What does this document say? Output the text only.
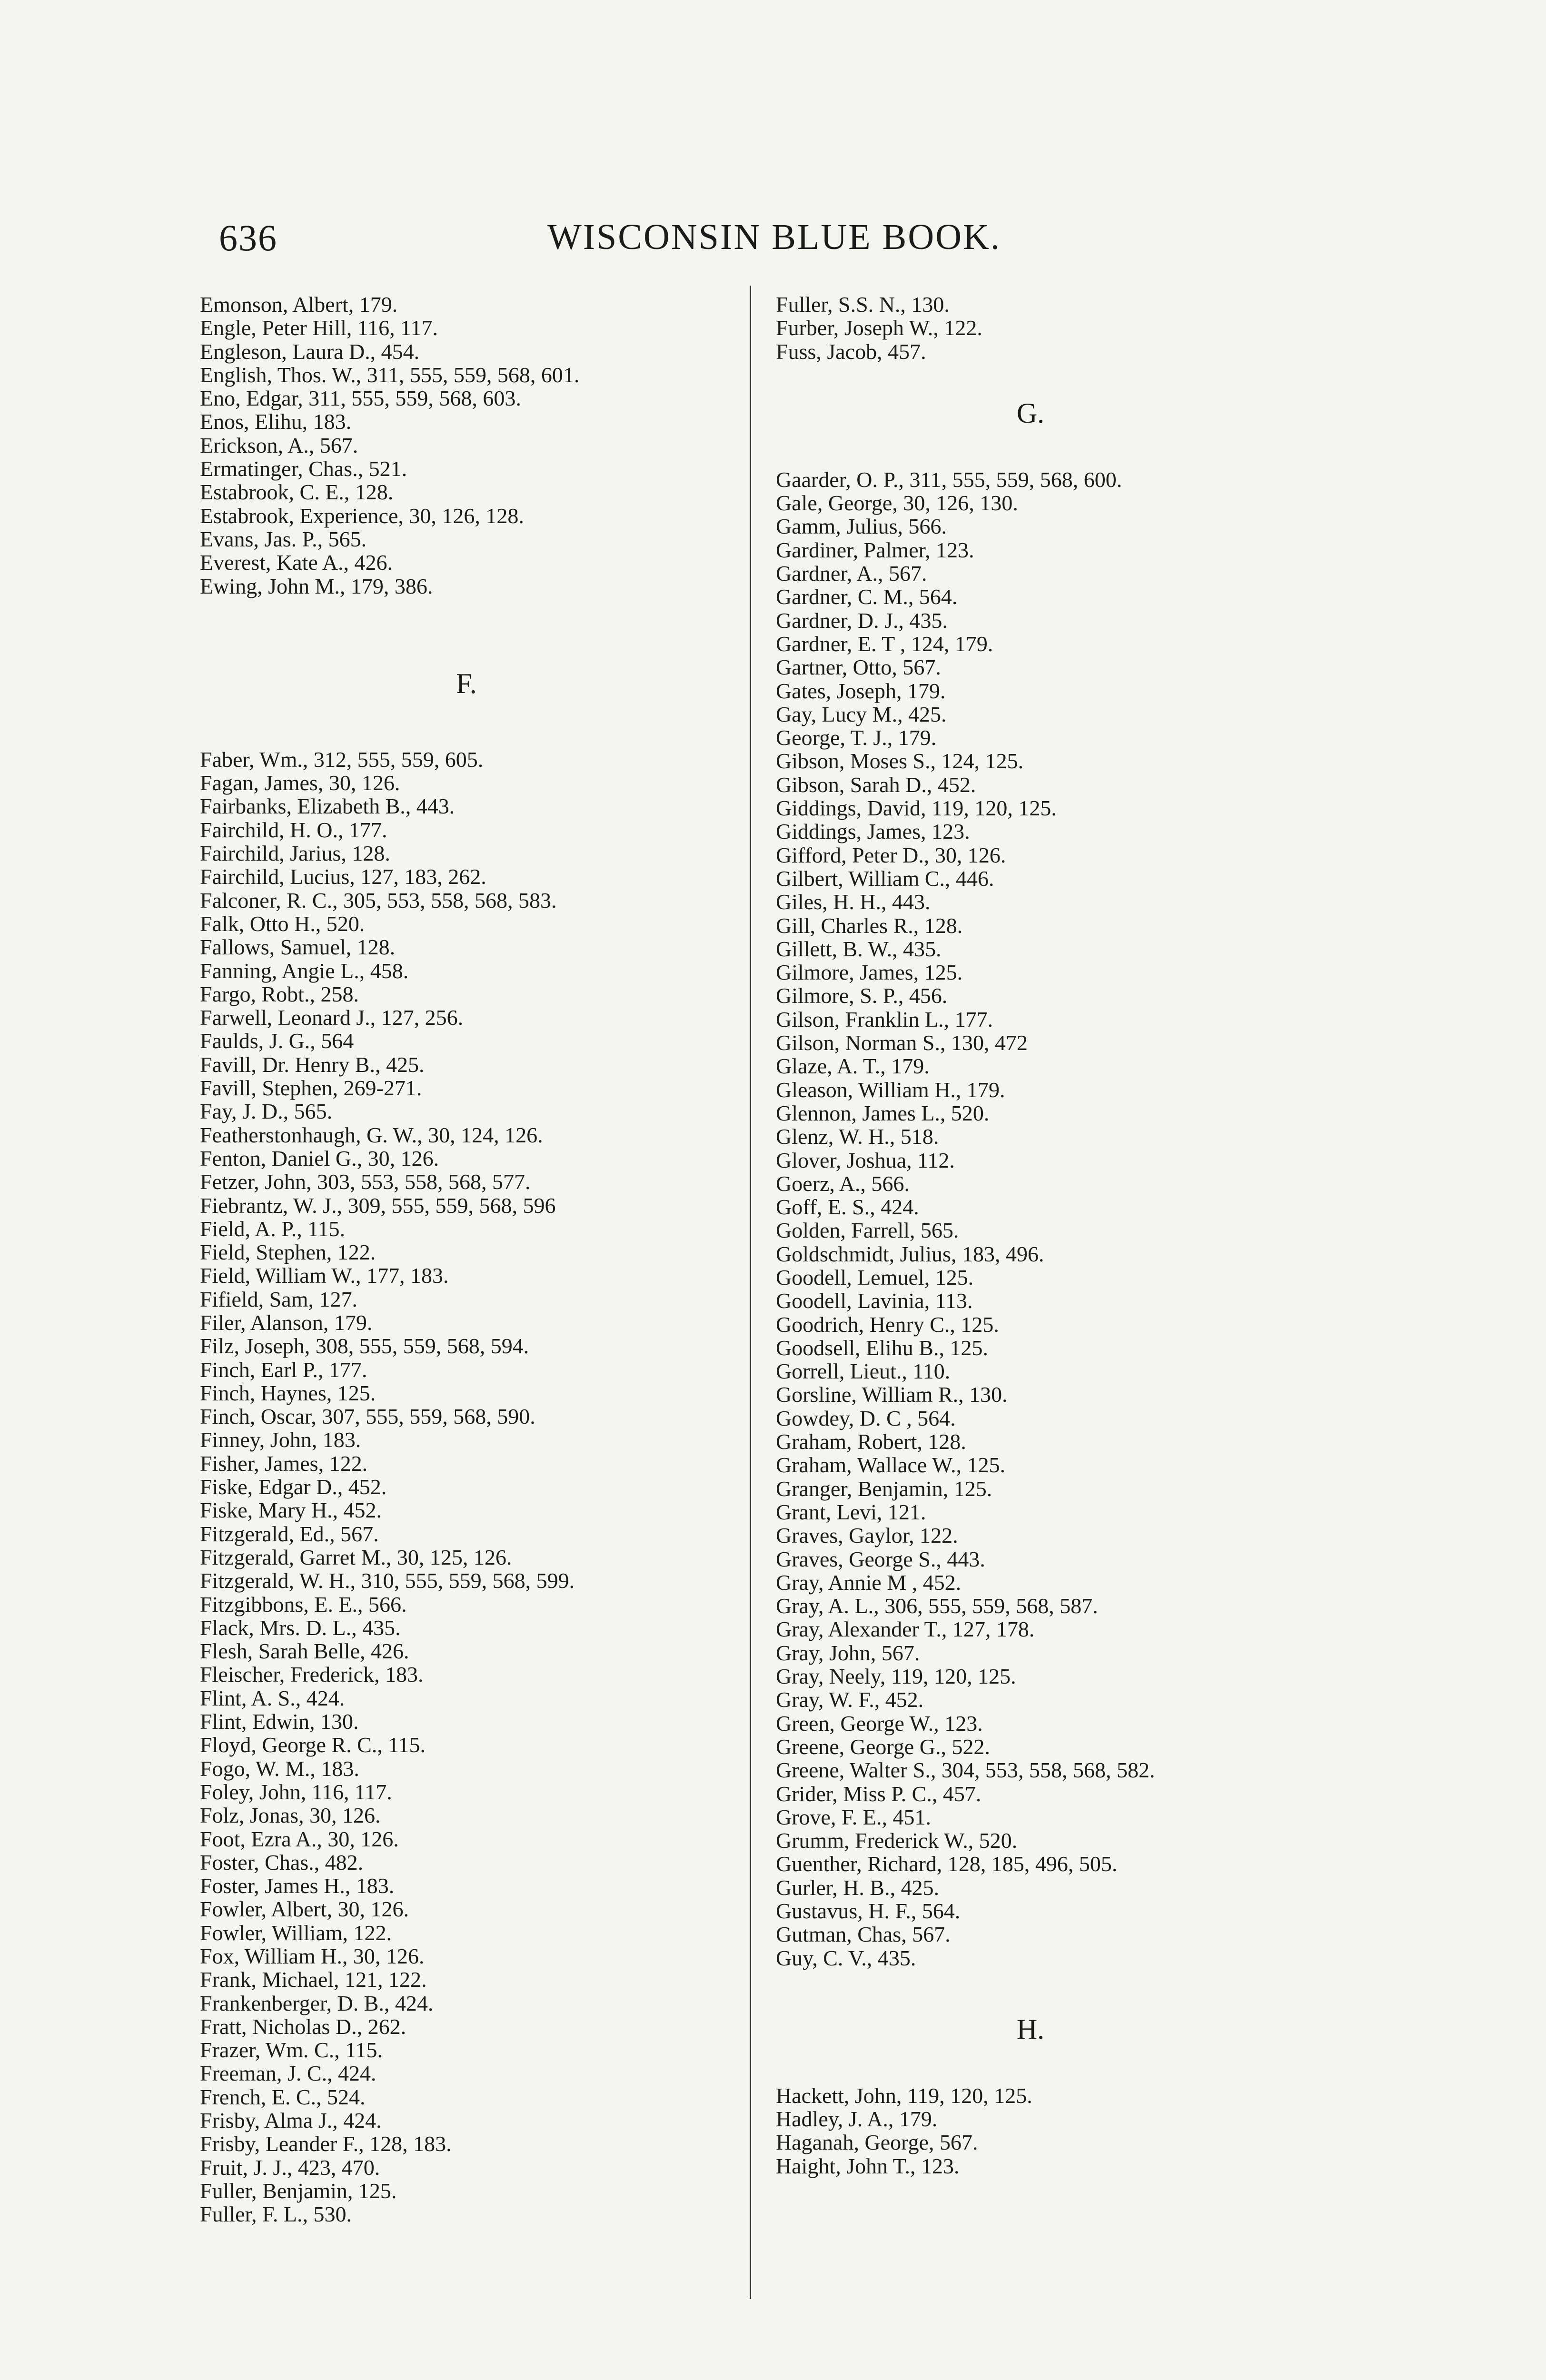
636	WISCONSIN BLUE BOOK.
Emonson, Albert, 179.
Engle, Peter Hill, 116, 117.
Engleson, Laura D., 454.
English, Thos. W., 311, 555, 559, 568, 601.
Eno, Edgar, 311, 555, 559, 568, 603.
Enos, Elihu, 183.
Erickson, A., 567.
Ermatinger, Chas., 521.
Estabrook, C. E., 128.
Estabrook, Experience, 30, 126, 128.
Evans, Jas. P., 565.
Everest, Kate A., 426.
Ewing, John M., 179, 386.
F.
Faber, Wm., 312, 555, 559, 605.
Fagan, James, 30, 126.
Fairbanks, Elizabeth B., 443.
Fairchild, H. O., 177.
Fairchild, Jarius, 128.
Fairchild, Lucius, 127, 183, 262.
Falconer, R. C., 305, 553, 558, 568, 583.
Falk, Otto H., 520.
Fallows, Samuel, 128.
Fanning, Angie L., 458.
Fargo, Robt., 258.
Farwell, Leonard J., 127, 256.
Faulds, J. G., 564
Favill, Dr. Henry B., 425.
Favill, Stephen, 269-271.
Fay, J. D., 565.
Featherstonhaugh, G. W., 30, 124, 126.
Fenton, Daniel G., 30, 126.
Fetzer, John, 303, 553, 558, 568, 577.
Fiebrantz, W. J., 309, 555, 559, 568, 596
Field, A. P., 115.
Field, Stephen, 122.
Field, William W., 177, 183.
Fifield, Sam, 127.
Filer, Alanson, 179.
Filz, Joseph, 308, 555, 559, 568, 594.
Finch, Earl P., 177.
Finch, Haynes, 125.
Finch, Oscar, 307, 555, 559, 568, 590.
Finney, John, 183.
Fisher, James, 122.
Fiske, Edgar D., 452.
Fiske, Mary H., 452.
Fitzgerald, Ed., 567.
Fitzgerald, Garret M., 30, 125, 126.
Fitzgerald, W. H., 310, 555, 559, 568, 599.
Fitzgibbons, E. E., 566.
Flack, Mrs. D. L., 435.
Flesh, Sarah Belle, 426.
Fleischer, Frederick, 183.
Flint, A. S., 424.
Flint, Edwin, 130.
Floyd, George R. C., 115.
Fogo, W. M., 183.
Foley, John, 116, 117.
Folz, Jonas, 30, 126.
Foot, Ezra A., 30, 126.
Foster, Chas., 482.
Foster, James H., 183.
Fowler, Albert, 30, 126.
Fowler, William, 122.
Fox, William H., 30, 126.
Frank, Michael, 121, 122.
Frankenberger, D. B., 424.
Fratt, Nicholas D., 262.
Frazer, Wm. C., 115.
Freeman, J. C., 424.
French, E. C., 524.
Frisby, Alma J., 424.
Frisby, Leander F., 128, 183.
Fruit, J. J., 423, 470.
Fuller, Benjamin, 125.
Fuller, F. L., 530.
Fuller, S.S. N., 130.
Furber, Joseph W., 122.
Fuss, Jacob, 457.
G.
Gaarder, O. P., 311, 555, 559, 568, 600.
Gale, George, 30, 126, 130.
Gamm, Julius, 566.
Gardiner, Palmer, 123.
Gardner, A., 567.
Gardner, C. M., 564.
Gardner, D. J., 435.
Gardner, E. T , 124, 179.
Gartner, Otto, 567.
Gates, Joseph, 179.
Gay, Lucy M., 425.
George, T. J., 179.
Gibson, Moses S., 124, 125.
Gibson, Sarah D., 452.
Giddings, David, 119, 120, 125.
Giddings, James, 123.
Gifford, Peter D., 30, 126.
Gilbert, William C., 446.
Giles, H. H., 443.
Gill, Charles R., 128.
Gillett, B. W., 435.
Gilmore, James, 125.
Gilmore, S. P., 456.
Gilson, Franklin L., 177.
Gilson, Norman S., 130, 472
Glaze, A. T., 179.
Gleason, William H., 179.
Glennon, James L., 520.
Glenz, W. H., 518.
Glover, Joshua, 112.
Goerz, A., 566.
Goff, E. S., 424.
Golden, Farrell, 565.
Goldschmidt, Julius, 183, 496.
Goodell, Lemuel, 125.
Goodell, Lavinia, 113.
Goodrich, Henry C., 125.
Goodsell, Elihu B., 125.
Gorrell, Lieut., 110.
Gorsline, William R., 130.
Gowdey, D. C , 564.
Graham, Robert, 128.
Graham, Wallace W., 125.
Granger, Benjamin, 125.
Grant, Levi, 121.
Graves, Gaylor, 122.
Graves, George S., 443.
Gray, Annie M , 452.
Gray, A. L., 306, 555, 559, 568, 587.
Gray, Alexander T., 127, 178.
Gray, John, 567.
Gray, Neely, 119, 120, 125.
Gray, W. F., 452.
Green, George W., 123.
Greene, George G., 522.
Greene, Walter S., 304, 553, 558, 568, 582.
Grider, Miss P. C., 457.
Grove, F. E., 451.
Grumm, Frederick W., 520.
Guenther, Richard, 128, 185, 496, 505.
Gurler, H. B., 425.
Gustavus, H. F., 564.
Gutman, Chas, 567.
Guy, C. V., 435.
H.
Hackett, John, 119, 120, 125.
Hadley, J. A., 179.
Haganah, George, 567.
Haight, John T., 123.
